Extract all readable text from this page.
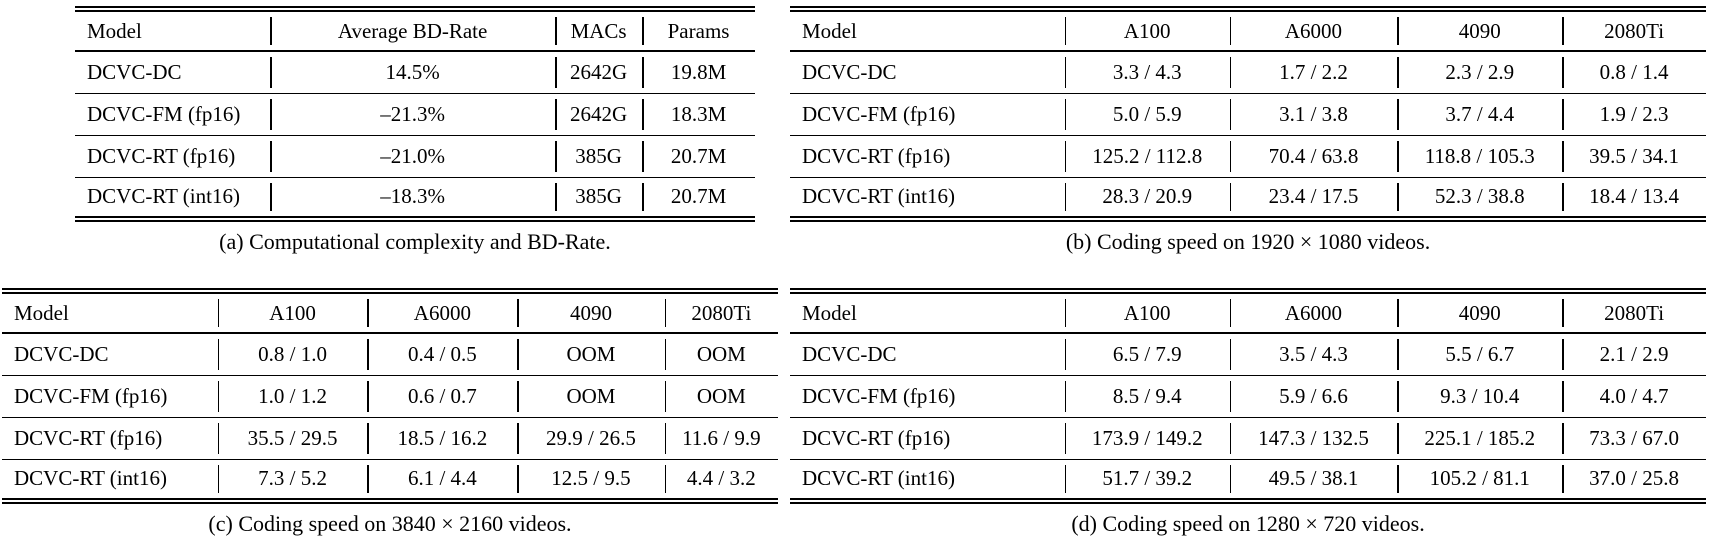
Model	Average BD-Rate	MACs	Params
DCVC-DC	14.5%	2642G	19.8M
DCVC-FM (fp16)	–21.3%	2642G	18.3M
DCVC-RT (fp16)	–21.0%	385G	20.7M
DCVC-RT (int16)	–18.3%	385G	20.7M
(a) Computational complexity and BD-Rate.
Model	A100	A6000	4090	2080Ti
DCVC-DC	3.3 / 4.3	1.7 / 2.2	2.3 / 2.9	0.8 / 1.4
DCVC-FM (fp16)	5.0 / 5.9	3.1 / 3.8	3.7 / 4.4	1.9 / 2.3
DCVC-RT (fp16)	125.2 / 112.8	70.4 / 63.8	118.8 / 105.3	39.5 / 34.1
DCVC-RT (int16)	28.3 / 20.9	23.4 / 17.5	52.3 / 38.8	18.4 / 13.4
(b) Coding speed on 1920 × 1080 videos.
Model	A100	A6000	4090	2080Ti
DCVC-DC	0.8 / 1.0	0.4 / 0.5	OOM	OOM
DCVC-FM (fp16)	1.0 / 1.2	0.6 / 0.7	OOM	OOM
DCVC-RT (fp16)	35.5 / 29.5	18.5 / 16.2	29.9 / 26.5	11.6 / 9.9
DCVC-RT (int16)	7.3 / 5.2	6.1 / 4.4	12.5 / 9.5	4.4 / 3.2
(c) Coding speed on 3840 × 2160 videos.
Model	A100	A6000	4090	2080Ti
DCVC-DC	6.5 / 7.9	3.5 / 4.3	5.5 / 6.7	2.1 / 2.9
DCVC-FM (fp16)	8.5 / 9.4	5.9 / 6.6	9.3 / 10.4	4.0 / 4.7
DCVC-RT (fp16)	173.9 / 149.2	147.3 / 132.5	225.1 / 185.2	73.3 / 67.0
DCVC-RT (int16)	51.7 / 39.2	49.5 / 38.1	105.2 / 81.1	37.0 / 25.8
(d) Coding speed on 1280 × 720 videos.
